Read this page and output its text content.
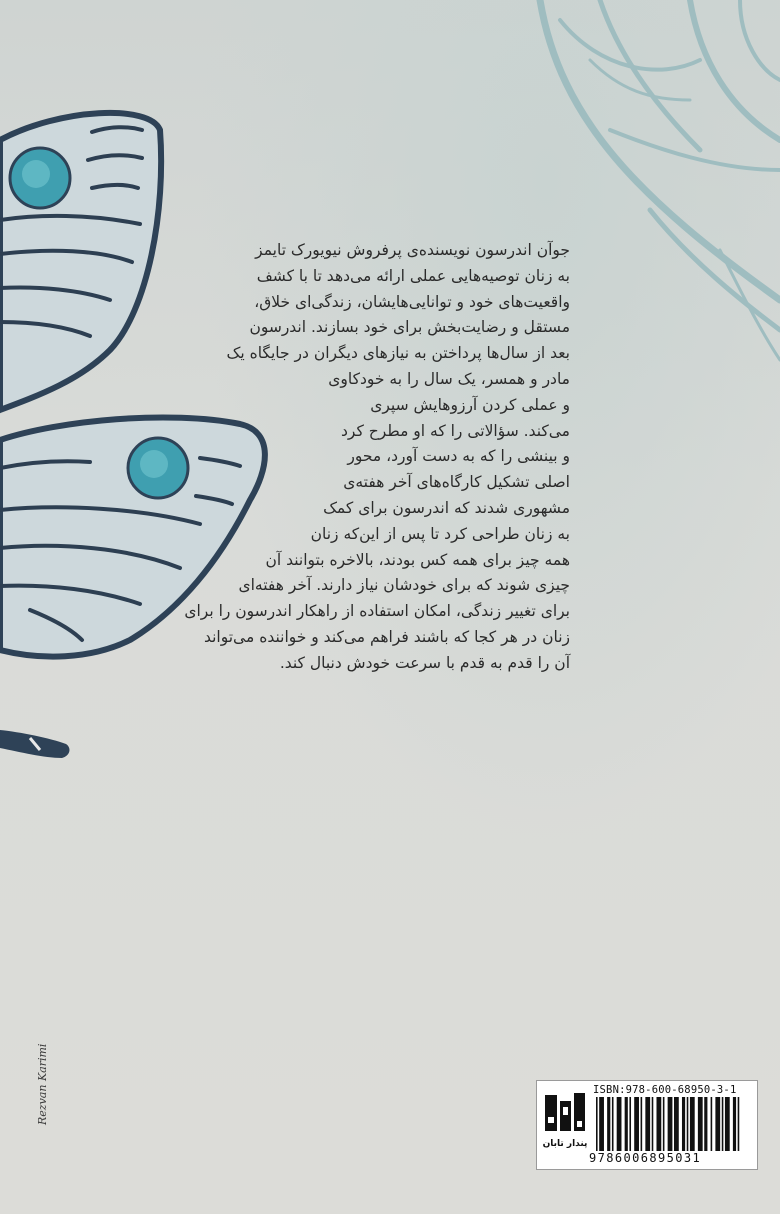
جوآن اندرسون نویسنده‌ی پرفروش نیویورک تایمز
به زنان توصیه‌هایی عملی ارائه می‌دهد تا با کشف
واقعیت‌های خود و توانایی‌هایشان، زندگی‌ای خلاق،
مستقل و رضایت‌بخش برای خود بسازند. اندرسون
بعد از سال‌ها پرداختن به نیازهای دیگران در جایگاه یک
مادر و همسر، یک سال را به خودکاوی
و عملی کردن آرزوهایش سپری
می‌کند. سؤالاتی را که او مطرح کرد
و بینشی را که به دست آورد، محور
اصلی تشکیل کارگاه‌های آخر هفته‌ی
مشهوری شدند که اندرسون برای کمک
به زنان طراحی کرد تا پس از این‌که زنان
همه چیز برای همه کس بودند، بالاخره بتوانند آن
چیزی شوند که برای خودشان نیاز دارند. آخر هفته‌ای
برای تغییر زندگی، امکان استفاده از راهکار اندرسون را برای
زنان در هر کجا که باشند فراهم می‌کند و خواننده می‌تواند
آن را قدم به قدم با سرعت خودش دنبال کند.
Rezvan Karimi
پندار تابان
ISBN:978-600-68950-3-1
9786006895031
